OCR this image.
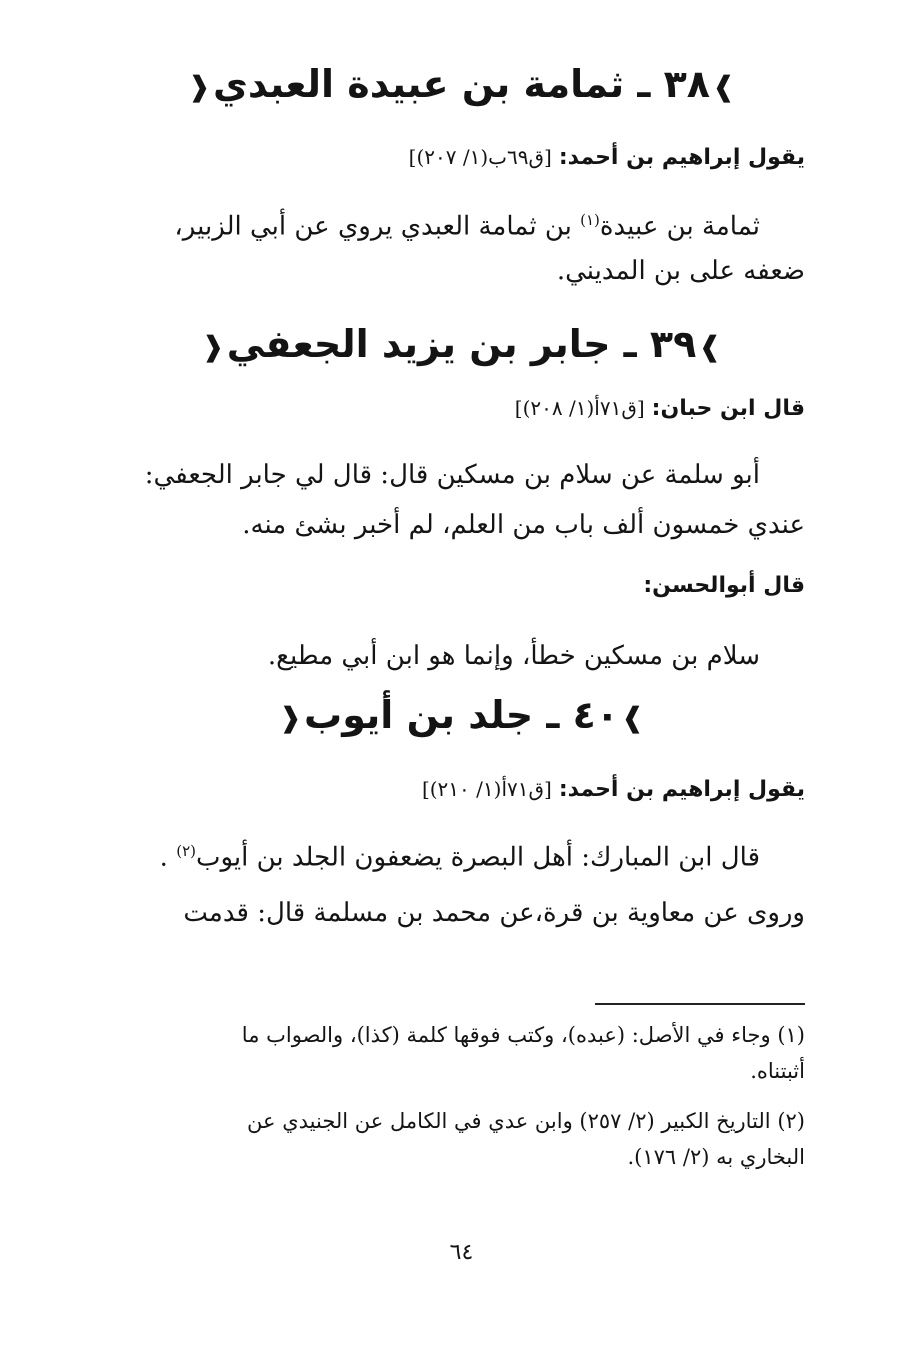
❱٣٨ ـ ثمامة بن عبيدة العبدي❰
يقول إبراهيم بن أحمد: [ق٦٩ب(١/ ٢٠٧)]
ثمامة بن عبيدة$^{(١)}$ بن ثمامة العبدي يروي عن أبي الزبير،
ضعفه على بن المديني.
❱٣٩ ـ جابر بن يزيد الجعفي❰
قال ابن حبان: [ق٧١أ(١/ ٢٠٨)]
أبو سلمة عن سلام بن مسكين قال: قال لي جابر الجعفي:
عندي خمسون ألف باب من العلم، لم أخبر بشئ منه.
قال أبوالحسن:
سلام بن مسكين خطأ، وإنما هو ابن أبي مطيع.
❱٤٠ ـ جلد بن أيوب❰
يقول إبراهيم بن أحمد: [ق٧١أ(١/ ٢١٠)]
قال ابن المبارك: أهل البصرة يضعفون الجلد بن أيوب$^{(٢)}$ .
وروى عن معاوية بن قرة،عن محمد بن مسلمة قال: قدمت
(١) وجاء في الأصل: (عبده)، وكتب فوقها كلمة (كذا)، والصواب ما
أثبتناه.
(٢) التاريخ الكبير (٢/ ٢٥٧) وابن عدي في الكامل عن الجنيدي عن
البخاري به (٢/ ١٧٦).
٦٤
